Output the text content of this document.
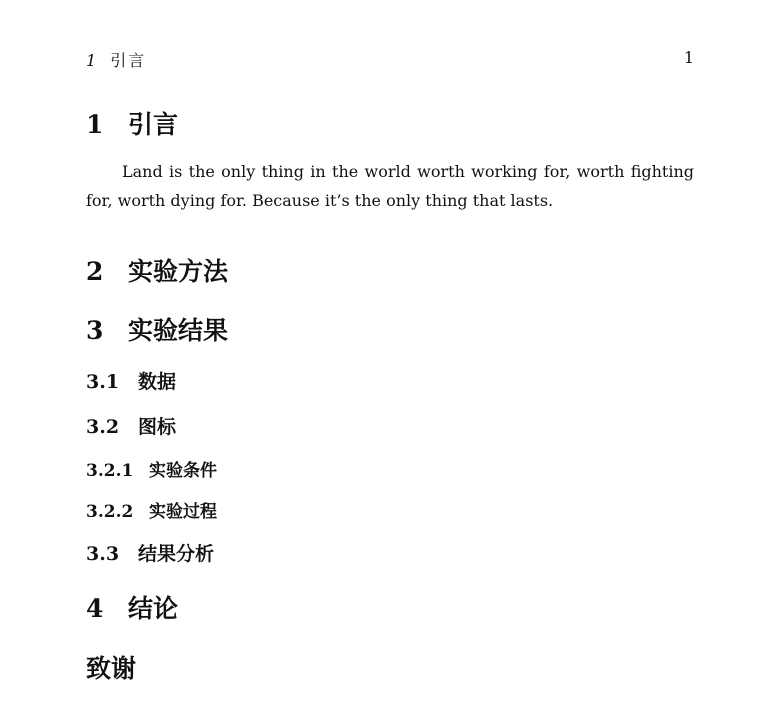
1 引言	1
1 引言

Land is the only thing in the world worth working for, worth fighting for, worth dying for. Because it’s the only thing that lasts.

2 实验方法
3 实验结果
3.1 数据
3.2 图标
3.2.1 实验条件
3.2.2 实验过程
3.3 结果分析
4 结论
致谢
